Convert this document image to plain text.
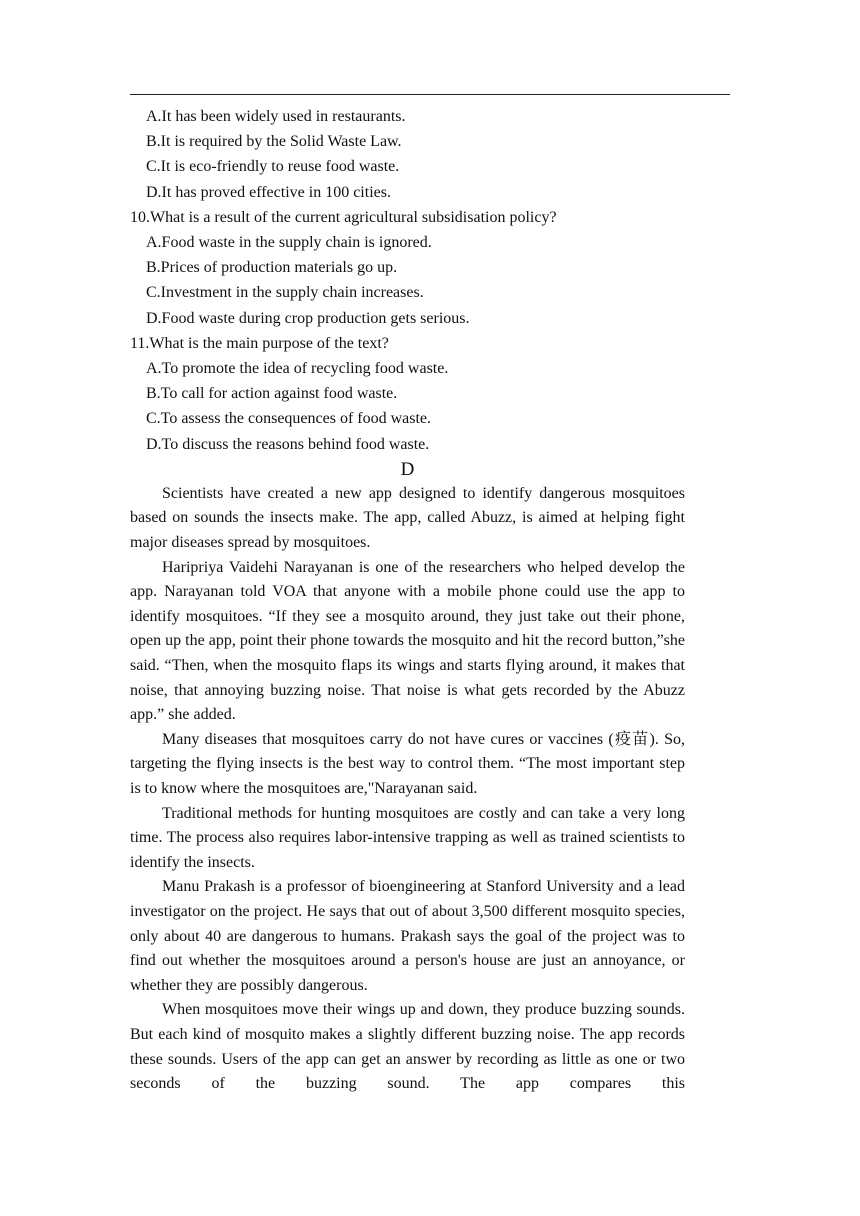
A.It has been widely used in restaurants.
B.It is required by the Solid Waste Law.
C.It is eco-friendly to reuse food waste.
D.It has proved effective in 100 cities.
10.What is a result of the current agricultural subsidisation policy?
A.Food waste in the supply chain is ignored.
B.Prices of production materials go up.
C.Investment in the supply chain increases.
D.Food waste during crop production gets serious.
11.What is the main purpose of the text?
A.To promote the idea of recycling food waste.
B.To call for action against food waste.
C.To assess the consequences of food waste.
D.To discuss the reasons behind food waste.
D

Scientists have created a new app designed to identify dangerous mosquitoes based on sounds the insects make. The app, called Abuzz, is aimed at helping fight major diseases spread by mosquitoes.

Haripriya Vaidehi Narayanan is one of the researchers who helped develop the app. Narayanan told VOA that anyone with a mobile phone could use the app to identify mosquitoes. “If they see a mosquito around, they just take out their phone, open up the app, point their phone towards the mosquito and hit the record button,”she said. “Then, when the mosquito flaps its wings and starts flying around, it makes that noise, that annoying buzzing noise. That noise is what gets recorded by the Abuzz app.” she added.

Many diseases that mosquitoes carry do not have cures or vaccines (疫苗). So, targeting the flying insects is the best way to control them. “The most important step is to know where the mosquitoes are,"Narayanan said.

Traditional methods for hunting mosquitoes are costly and can take a very long time. The process also requires labor-intensive trapping as well as trained scientists to identify the insects.

Manu Prakash is a professor of bioengineering at Stanford University and a lead investigator on the project. He says that out of about 3,500 different mosquito species, only about 40 are dangerous to humans. Prakash says the goal of the project was to find out whether the mosquitoes around a person's house are just an annoyance, or whether they are possibly dangerous.

When mosquitoes move their wings up and down, they produce buzzing sounds. But each kind of mosquito makes a slightly different buzzing noise. The app records these sounds. Users of the app can get an answer by recording as little as one or two seconds of the buzzing sound. The app compares this
